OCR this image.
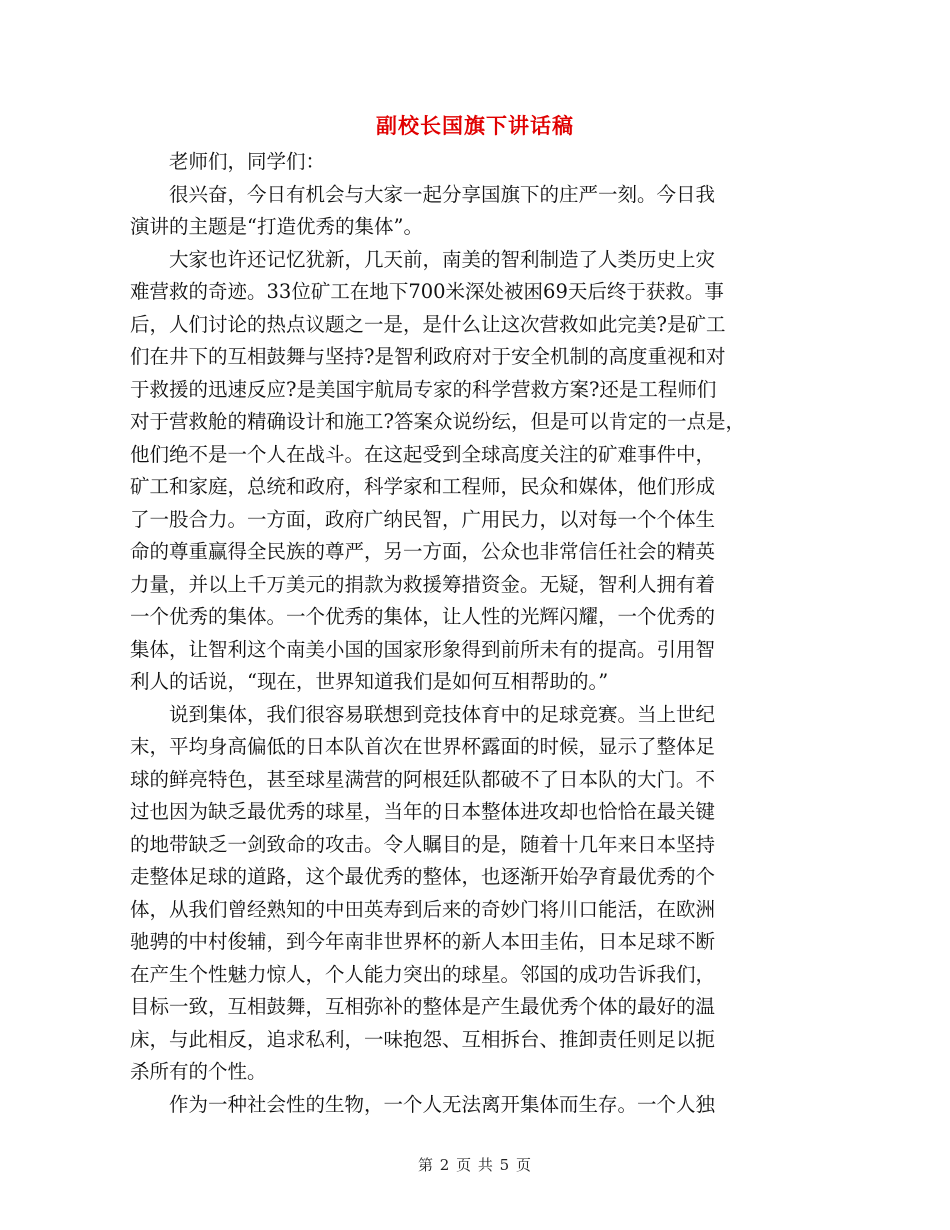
副校长国旗下讲话稿

　　老师们，同学们：

　　很兴奋，今日有机会与大家一起分享国旗下的庄严一刻。今日我

演讲的主题是“打造优秀的集体”。

　　大家也许还记忆犹新，几天前，南美的智利制造了人类历史上灾

难营救的奇迹。33位矿工在地下700米深处被困69天后终于获救。事

后，人们讨论的热点议题之一是，是什么让这次营救如此完美?是矿工

们在井下的互相鼓舞与坚持?是智利政府对于安全机制的高度重视和对

于救援的迅速反应?是美国宇航局专家的科学营救方案?还是工程师们

对于营救舱的精确设计和施工?答案众说纷纭，但是可以肯定的一点是，

他们绝不是一个人在战斗。在这起受到全球高度关注的矿难事件中，

矿工和家庭，总统和政府，科学家和工程师，民众和媒体，他们形成

了一股合力。一方面，政府广纳民智，广用民力，以对每一个个体生

命的尊重赢得全民族的尊严，另一方面，公众也非常信任社会的精英

力量，并以上千万美元的捐款为救援筹措资金。无疑，智利人拥有着

一个优秀的集体。一个优秀的集体，让人性的光辉闪耀，一个优秀的

集体，让智利这个南美小国的国家形象得到前所未有的提高。引用智

利人的话说，“现在，世界知道我们是如何互相帮助的。”

　　说到集体，我们很容易联想到竞技体育中的足球竞赛。当上世纪

末，平均身高偏低的日本队首次在世界杯露面的时候，显示了整体足

球的鲜亮特色，甚至球星满营的阿根廷队都破不了日本队的大门。不

过也因为缺乏最优秀的球星，当年的日本整体进攻却也恰恰在最关键

的地带缺乏一剑致命的攻击。令人瞩目的是，随着十几年来日本坚持

走整体足球的道路，这个最优秀的整体，也逐渐开始孕育最优秀的个

体，从我们曾经熟知的中田英寿到后来的奇妙门将川口能活，在欧洲

驰骋的中村俊辅，到今年南非世界杯的新人本田圭佑，日本足球不断

在产生个性魅力惊人，个人能力突出的球星。邻国的成功告诉我们，

目标一致，互相鼓舞，互相弥补的整体是产生最优秀个体的最好的温

床，与此相反，追求私利，一味抱怨、互相拆台、推卸责任则足以扼

杀所有的个性。

　　作为一种社会性的生物，一个人无法离开集体而生存。一个人独

第 2 页 共 5 页
